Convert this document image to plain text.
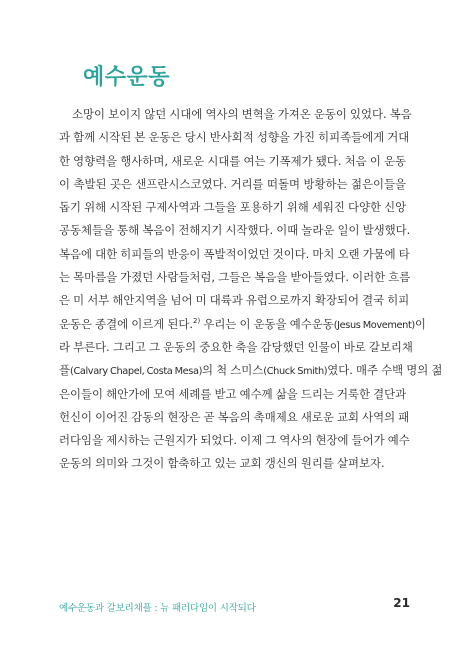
예수운동
소망이 보이지 않던 시대에 역사의 변혁을 가져온 운동이 있었다. 복음
과 함께 시작된 본 운동은 당시 반사회적 성향을 가진 히피족들에게 거대
한 영향력을 행사하며, 새로운 시대를 여는 기폭제가 됐다. 처음 이 운동
이 촉발된 곳은 샌프란시스코였다. 거리를 떠돌며 방황하는 젊은이들을
돕기 위해 시작된 구제사역과 그들을 포용하기 위해 세워진 다양한 신앙
공동체들을 통해 복음이 전해지기 시작했다. 이때 놀라운 일이 발생했다.
복음에 대한 히피들의 반응이 폭발적이었던 것이다. 마치 오랜 가뭄에 타
는 목마름을 가졌던 사람들처럼, 그들은 복음을 받아들였다. 이러한 흐름
은 미 서부 해안지역을 넘어 미 대륙과 유럽으로까지 확장되어 결국 히피
운동은 종결에 이르게 된다.$^{2)}$ 우리는 이 운동을 예수운동(Jesus Movement)이
라 부른다. 그리고 그 운동의 중요한 축을 감당했던 인물이 바로 갈보리채
플(Calvary Chapel, Costa Mesa)의 척 스미스(Chuck Smith)였다. 매주 수백 명의 젊
은이들이 해안가에 모여 세례를 받고 예수께 삶을 드리는 거룩한 결단과
헌신이 이어진 감동의 현장은 곧 복음의 촉매제요 새로운 교회 사역의 패
러다임을 제시하는 근원지가 되었다. 이제 그 역사의 현장에 들어가 예수
운동의 의미와 그것이 함축하고 있는 교회 갱신의 원리를 살펴보자.
예수운동과 갈보리채플 : 뉴 패러다임이 시작되다	21
